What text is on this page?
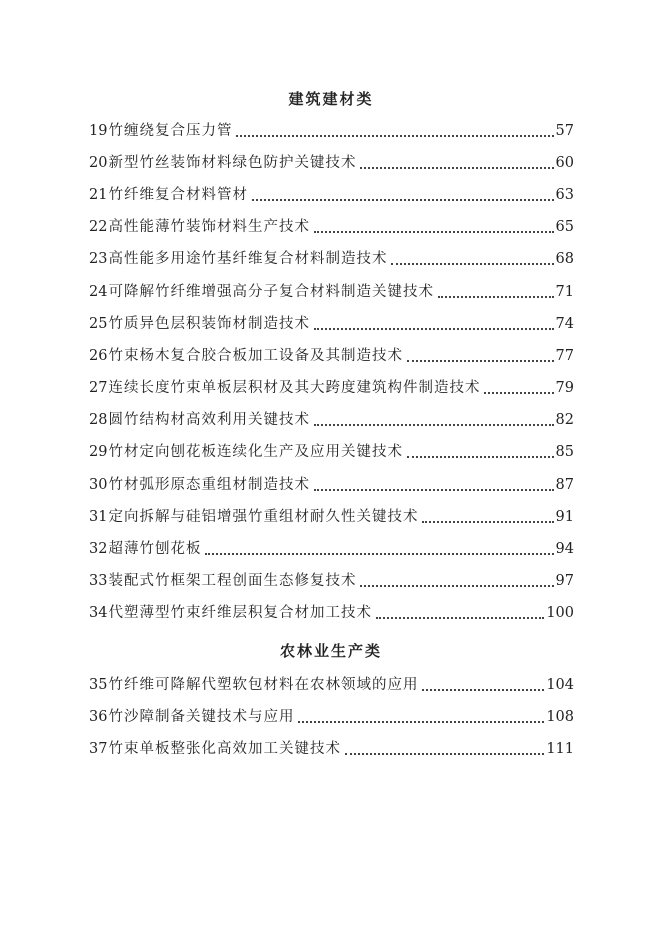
建筑建材类
19 竹缠绕复合压力管	57
20 新型竹丝装饰材料绿色防护关键技术	60
21 竹纤维复合材料管材	63
22 高性能薄竹装饰材料生产技术	65
23 高性能多用途竹基纤维复合材料制造技术	68
24 可降解竹纤维增强高分子复合材料制造关键技术	71
25 竹质异色层积装饰材制造技术	74
26 竹束杨木复合胶合板加工设备及其制造技术	77
27 连续长度竹束单板层积材及其大跨度建筑构件制造技术	79
28 圆竹结构材高效利用关键技术	82
29 竹材定向刨花板连续化生产及应用关键技术	85
30 竹材弧形原态重组材制造技术	87
31 定向拆解与硅铝增强竹重组材耐久性关键技术	91
32 超薄竹刨花板	94
33 装配式竹框架工程创面生态修复技术	97
34 代塑薄型竹束纤维层积复合材加工技术	100
农林业生产类
35 竹纤维可降解代塑软包材料在农林领域的应用	104
36 竹沙障制备关键技术与应用	108
37 竹束单板整张化高效加工关键技术	111
